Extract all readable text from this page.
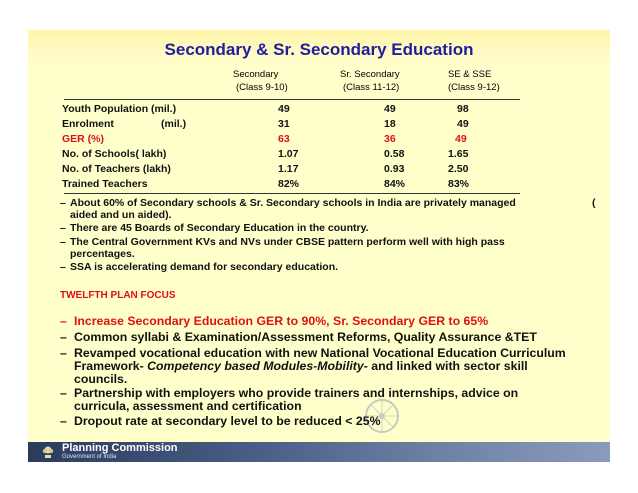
Secondary & Sr. Secondary Education
Secondary
(Class 9-10)
Sr. Secondary
(Class 11-12)
SE & SSE
(Class 9-12)
Youth Population (mil.)	49	49	98
Enrolment	(mil.)	31	18	49
GER (%)	63	36	49
No. of Schools( lakh)	1.07	0.58	1.65
No. of Teachers (lakh)	1.17	0.93	2.50
Trained Teachers	82%	84%	83%
– About 60% of Secondary schools & Sr. Secondary schools in India are privately managed	(
aided and un aided).
– There are 45 Boards of Secondary Education in the country.
– The Central Government KVs and NVs under CBSE pattern perform well with high pass
percentages.
– SSA is accelerating demand for secondary education.
TWELFTH PLAN FOCUS
– Increase Secondary Education GER to 90%, Sr. Secondary GER to 65%
– Common syllabi & Examination/Assessment Reforms, Quality Assurance &TET
– Revamped vocational education with new National Vocational Education Curriculum
Framework- Competency based Modules-Mobility- and linked with sector skill
councils.
– Partnership with employers who provide trainers and internships, advice on
curricula, assessment and certification
– Dropout rate at secondary level to be reduced < 25%
Planning Commission
Government of India
